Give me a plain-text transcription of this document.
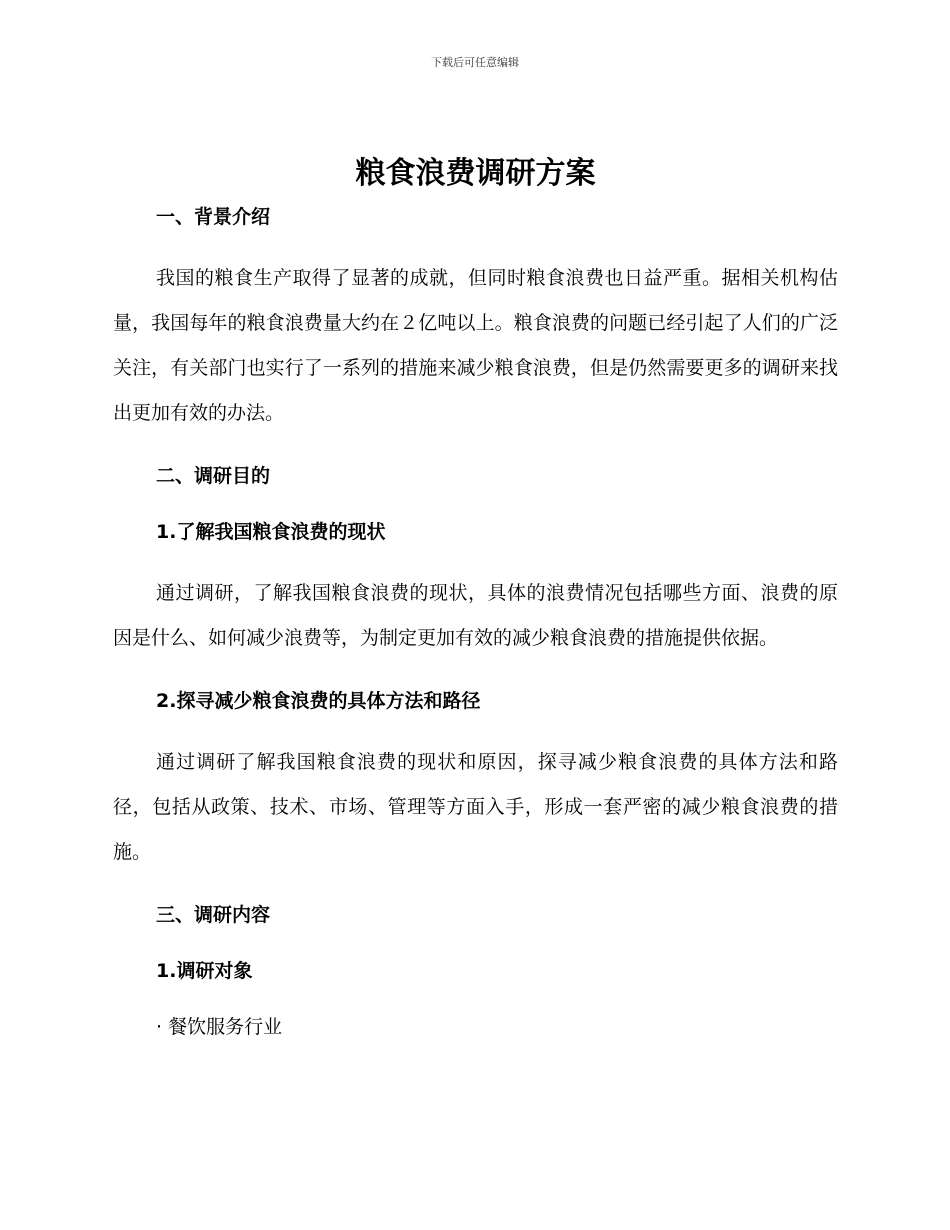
下载后可任意编辑
粮食浪费调研方案
一、背景介绍

我国的粮食生产取得了显著的成就，但同时粮食浪费也日益严重。据相关机构估量，我国每年的粮食浪费量大约在２亿吨以上。粮食浪费的问题已经引起了人们的广泛关注，有关部门也实行了一系列的措施来减少粮食浪费，但是仍然需要更多的调研来找出更加有效的办法。

二、调研目的
1.了解我国粮食浪费的现状

通过调研，了解我国粮食浪费的现状，具体的浪费情况包括哪些方面、浪费的原因是什么、如何减少浪费等，为制定更加有效的减少粮食浪费的措施提供依据。

2.探寻减少粮食浪费的具体方法和路径

通过调研了解我国粮食浪费的现状和原因，探寻减少粮食浪费的具体方法和路径，包括从政策、技术、市场、管理等方面入手，形成一套严密的减少粮食浪费的措施。

三、调研内容
1.调研对象

· 餐饮服务行业
